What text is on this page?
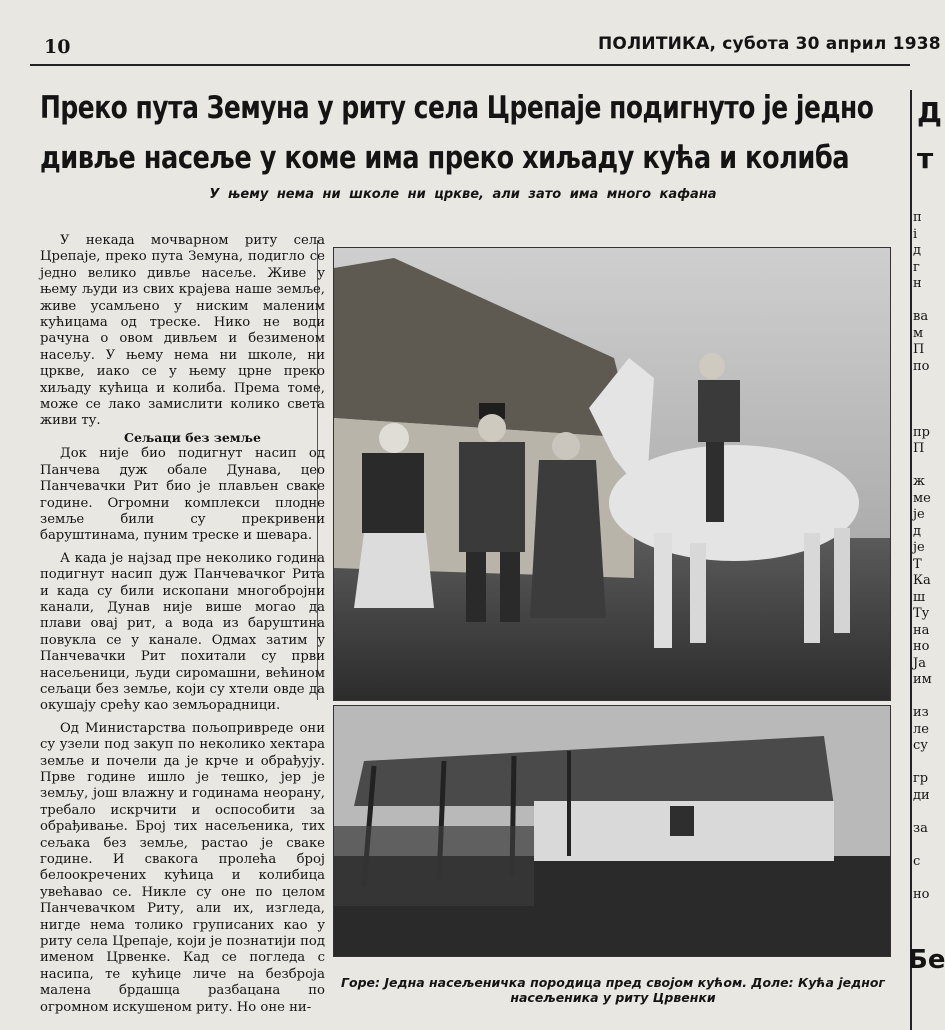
10	ПОЛИТИКА, субота 30 април 1938
Преко пута Земуна у риту села Црепаје подигнуто је једно
дивље насеље у коме има преко хиљаду кућа и колиба
У њему нема ни школе ни цркве, али зато има много кафана

У некада мочварном риту села Црепаје, преко пута Земуна, подигло се једно велико дивље насеље. Живе у њему људи из свих крајева наше земље, живе усамљено у ниским маленим кућицама од треске. Нико не води рачуна о овом дивљем и безименом насељу. У њему нема ни школе, ни цркве, иако се у њему црне преко хиљаду кућица и колиба. Према томе, може се лако замислити колико света живи ту.

Сељаци без земље

Док није био подигнут насип од Панчева дуж обале Дунава, цео Панчевачки Рит био је плављен сваке године. Огромни комплекси плодне земље били су прекривени баруштинама, пуним треске и шевара.

А када је најзад пре неколико година подигнут насип дуж Панчевачког Рита и када су били ископани многобројни канали, Дунав није више могао да плави овај рит, а вода из баруштина повукла се у канале. Одмах затим у Панчевачки Рит похитали су први насељеници, људи сиромашни, већином сељаци без земље, који су хтели овде да окушају срећу као земљорадници.

Од Министарства пољопривреде они су узели под закуп по неколико хектара земље и почели да је крче и обрађују. Прве године ишло је тешко, јер је земљу, још влажну и годинама неорану, требало искрчити и оспособити за обрађивање. Број тих насељеника, тих сељака без земље, растао је сваке године. И свакога пролећа број белоокречених кућица и колибица увећавао се. Никле су оне по целом Панчевачком Риту, али их, изгледа, нигде нема толико груписаних као у риту села Црепаје, који је познатији под именом Црвенке. Кад се погледа с насипа, те кућице личе на безброја малена брдашца разбацана по огромном искушеном риту. Но оне ни-

Горе: Једна насељеничка породица пред својом кућом. Доле: Кућа једног насељеника у риту Црвенки
Д
т
п
і
д
г
н
ва
м
П
по
пр
П
ж
ме
је
д
је
Т
Ка
ш
Ту
на
но
Ја
им
из
ле
су
гр
ди
за
с
но
Бе
